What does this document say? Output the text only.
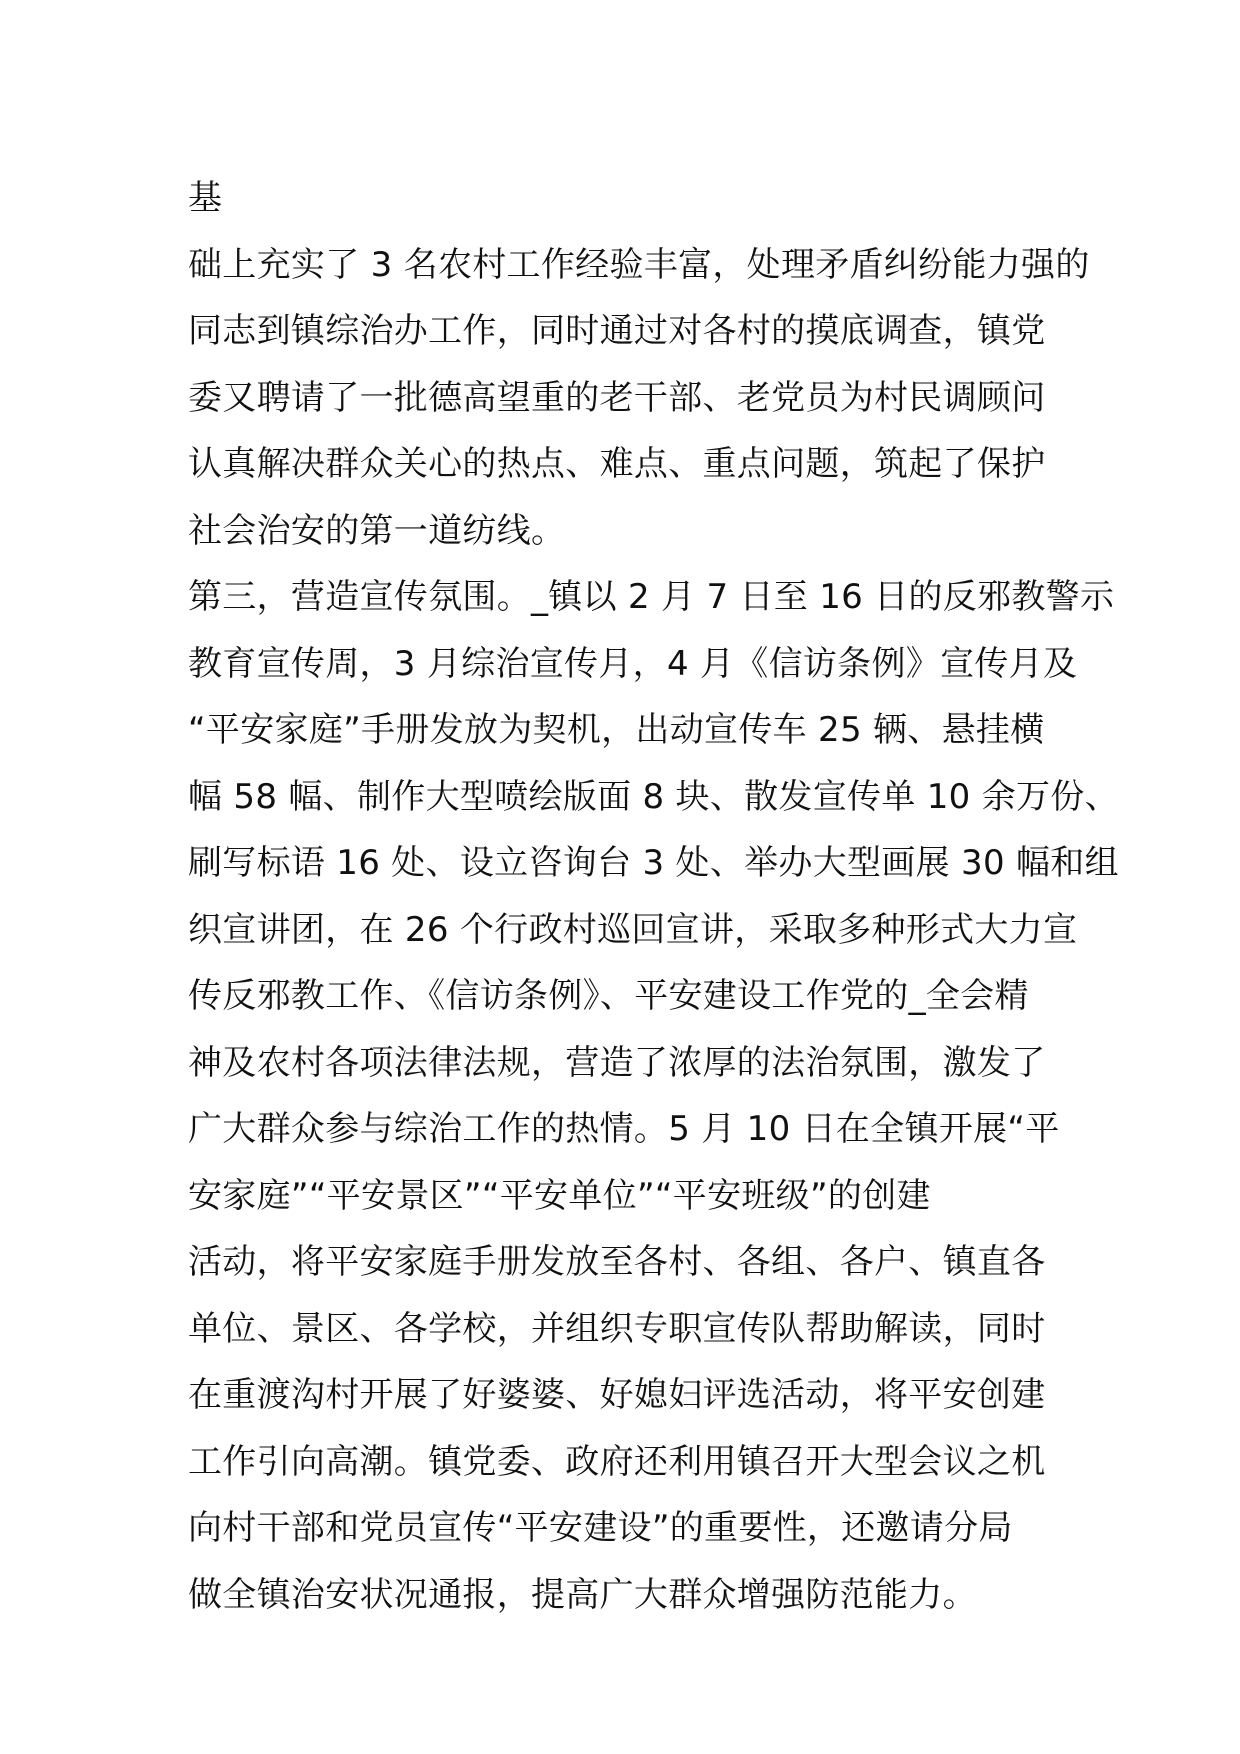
基
础上充实了 3 名农村工作经验丰富，处理矛盾纠纷能力强的
同志到镇综治办工作，同时通过对各村的摸底调查，镇党
委又聘请了一批德高望重的老干部、老党员为村民调顾问
认真解决群众关心的热点、难点、重点问题，筑起了保护
社会治安的第一道纺线。
第三，营造宣传氛围。_镇以 2 月 7 日至 16 日的反邪教警示
教育宣传周，3 月综治宣传月，4 月《信访条例》宣传月及
“平安家庭”手册发放为契机，出动宣传车 25 辆、悬挂横
幅 58 幅、制作大型喷绘版面 8 块、散发宣传单 10 余万份、
刷写标语 16 处、设立咨询台 3 处、举办大型画展 30 幅和组
织宣讲团，在 26 个行政村巡回宣讲，采取多种形式大力宣
传反邪教工作、《信访条例》、平安建设工作党的_全会精
神及农村各项法律法规，营造了浓厚的法治氛围，激发了
广大群众参与综治工作的热情。5 月 10 日在全镇开展“平
安家庭”“平安景区”“平安单位”“平安班级”的创建
活动，将平安家庭手册发放至各村、各组、各户、镇直各
单位、景区、各学校，并组织专职宣传队帮助解读，同时
在重渡沟村开展了好婆婆、好媳妇评选活动，将平安创建
工作引向高潮。镇党委、政府还利用镇召开大型会议之机
向村干部和党员宣传“平安建设”的重要性，还邀请分局
做全镇治安状况通报，提高广大群众增强防范能力。
